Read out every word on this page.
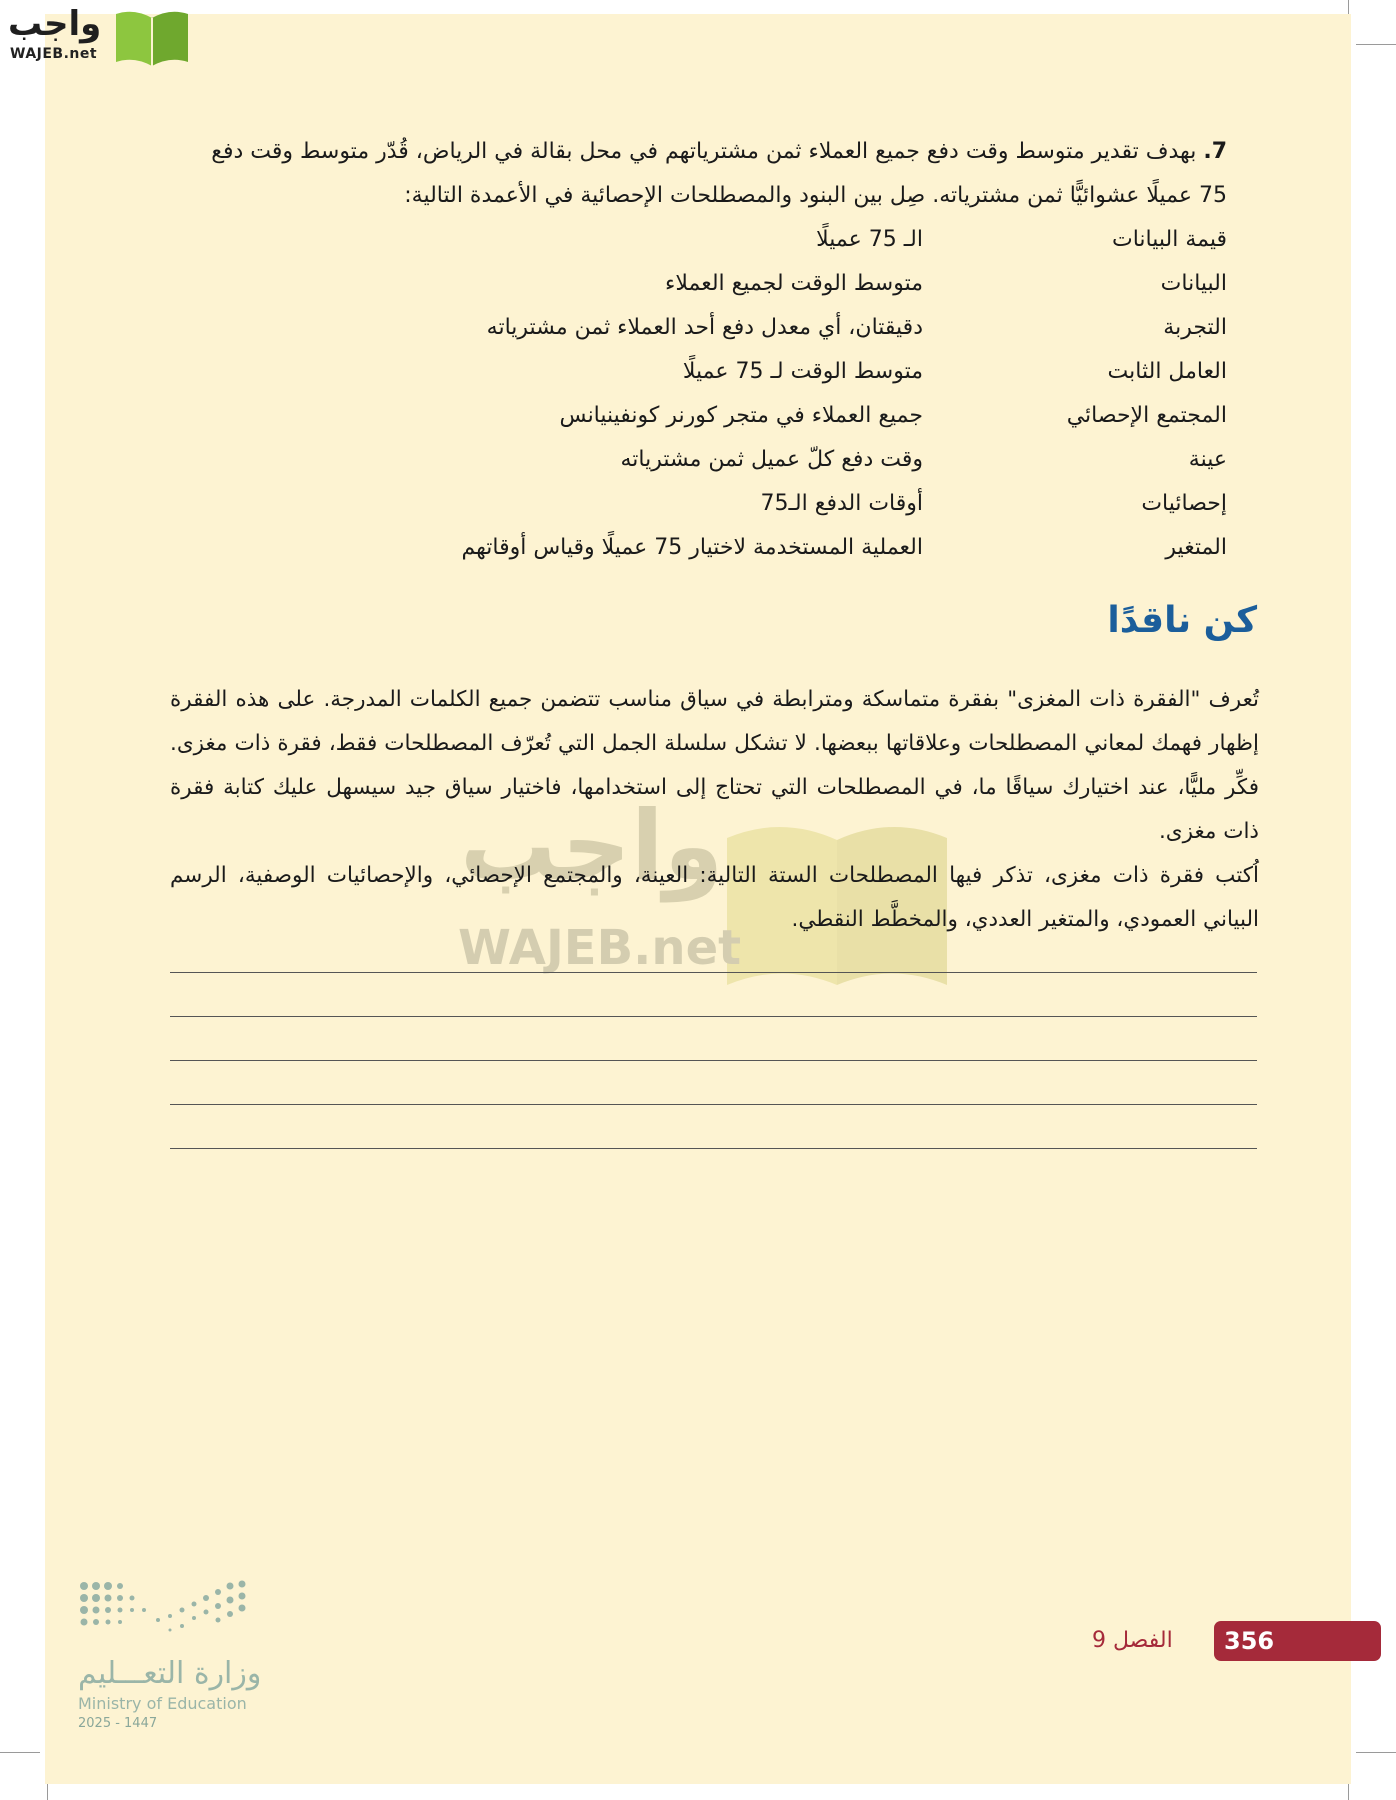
واجب
WAJEB.net
واجب
WAJEB.net
7. بهدف تقدير متوسط وقت دفع جميع العملاء ثمن مشترياتهم في محل بقالة في الرياض، قُدّر متوسط وقت دفع
75 عميلًا عشوائيًّا ثمن مشترياته. صِل بين البنود والمصطلحات الإحصائية في الأعمدة التالية:
قيمة البيانات
الـ 75 عميلًا
البيانات
متوسط الوقت لجميع العملاء
التجربة
دقيقتان، أي معدل دفع أحد العملاء ثمن مشترياته
العامل الثابت
متوسط الوقت لـ 75 عميلًا
المجتمع الإحصائي
جميع العملاء في متجر كورنر كونفينيانس
عينة
وقت دفع كلّ عميل ثمن مشترياته
إحصائيات
أوقات الدفع الـ75
المتغير
العملية المستخدمة لاختيار 75 عميلًا وقياس أوقاتهم
كن ناقدًا

تُعرف "الفقرة ذات المغزى" بفقرة متماسكة ومترابطة في سياق مناسب تتضمن جميع الكلمات المدرجة. على هذه الفقرة إظهار فهمك لمعاني المصطلحات وعلاقاتها ببعضها. لا تشكل سلسلة الجمل التي تُعرّف المصطلحات فقط، فقرة ذات مغزى. فكِّر مليًّا، عند اختيارك سياقًا ما، في المصطلحات التي تحتاج إلى استخدامها، فاختيار سياق جيد سيسهل عليك كتابة فقرة ذات مغزى.

اُكتب فقرة ذات مغزى، تذكر فيها المصطلحات الستة التالية: العينة، والمجتمع الإحصائي، والإحصائيات الوصفية، الرسم البياني العمودي، والمتغير العددي، والمخطَّط النقطي.

وزارة التعـــليم
Ministry of Education
2025 - 1447
356
الفصل 9
